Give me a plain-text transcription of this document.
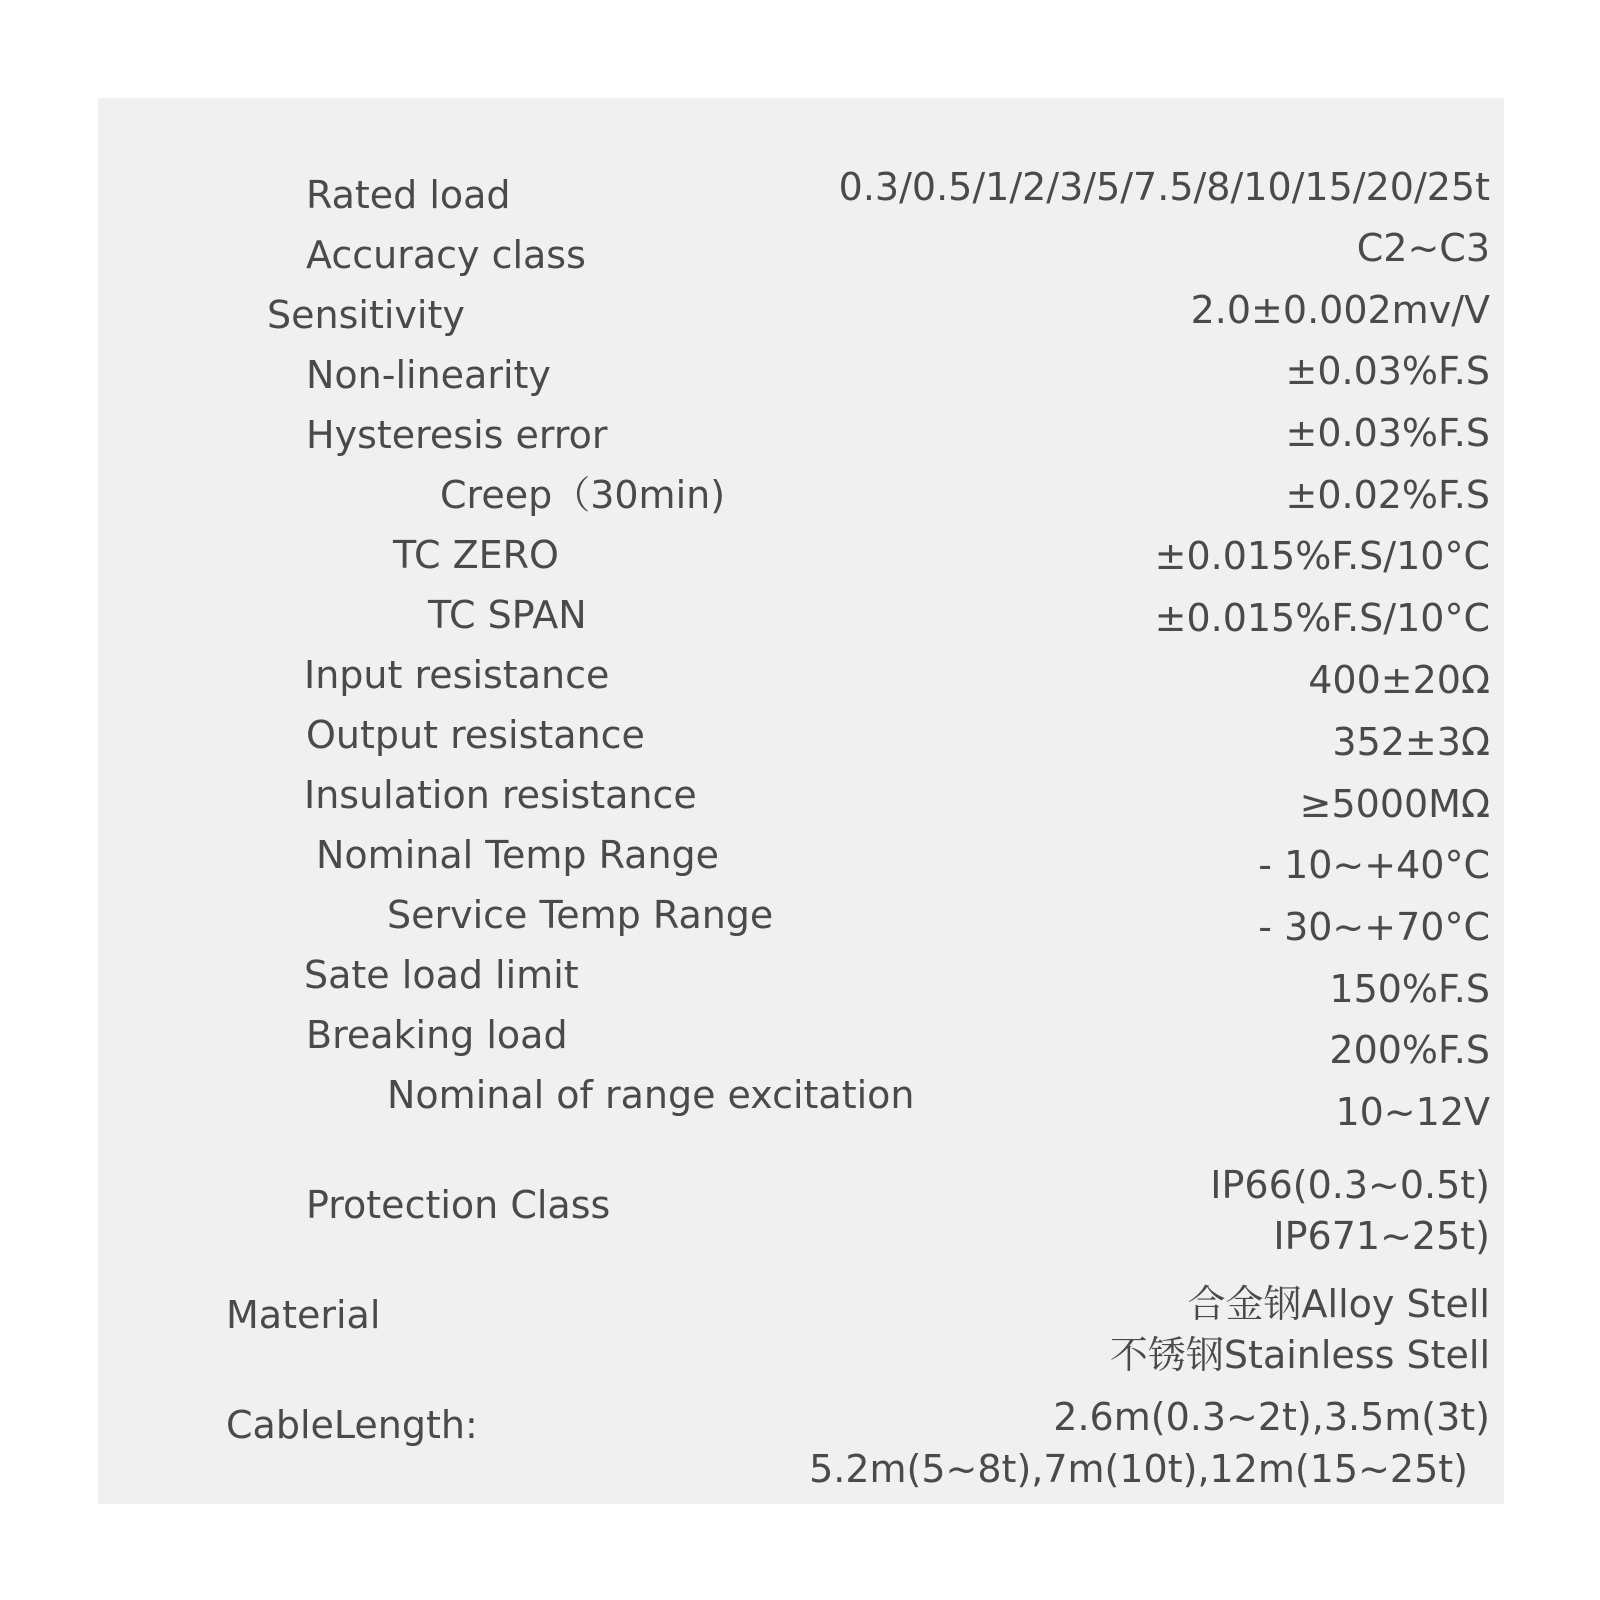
Rated load
Accuracy class
Sensitivity
Non-linearity
Hysteresis error
Creep（30min)
TC ZERO
TC SPAN
Input resistance
Output resistance
Insulation resistance
Nominal Temp Range
Service Temp Range
Sate load limit
Breaking load
Nominal of range excitation
Protection Class
Material
CableLength:
0.3/0.5/1/2/3/5/7.5/8/10/15/20/25t
C2~C3
2.0±0.002mv/V
±0.03%F.S
±0.03%F.S
±0.02%F.S
±0.015%F.S/10°C
±0.015%F.S/10°C
400±20Ω
352±3Ω
≥5000MΩ
- 10~+40°C
- 30~+70°C
150%F.S
200%F.S
10~12V
IP66(0.3~0.5t)
IP671~25t)
合金钢Alloy Stell
不锈钢Stainless Stell
2.6m(0.3~2t),3.5m(3t)
5.2m(5~8t),7m(10t),12m(15~25t)
